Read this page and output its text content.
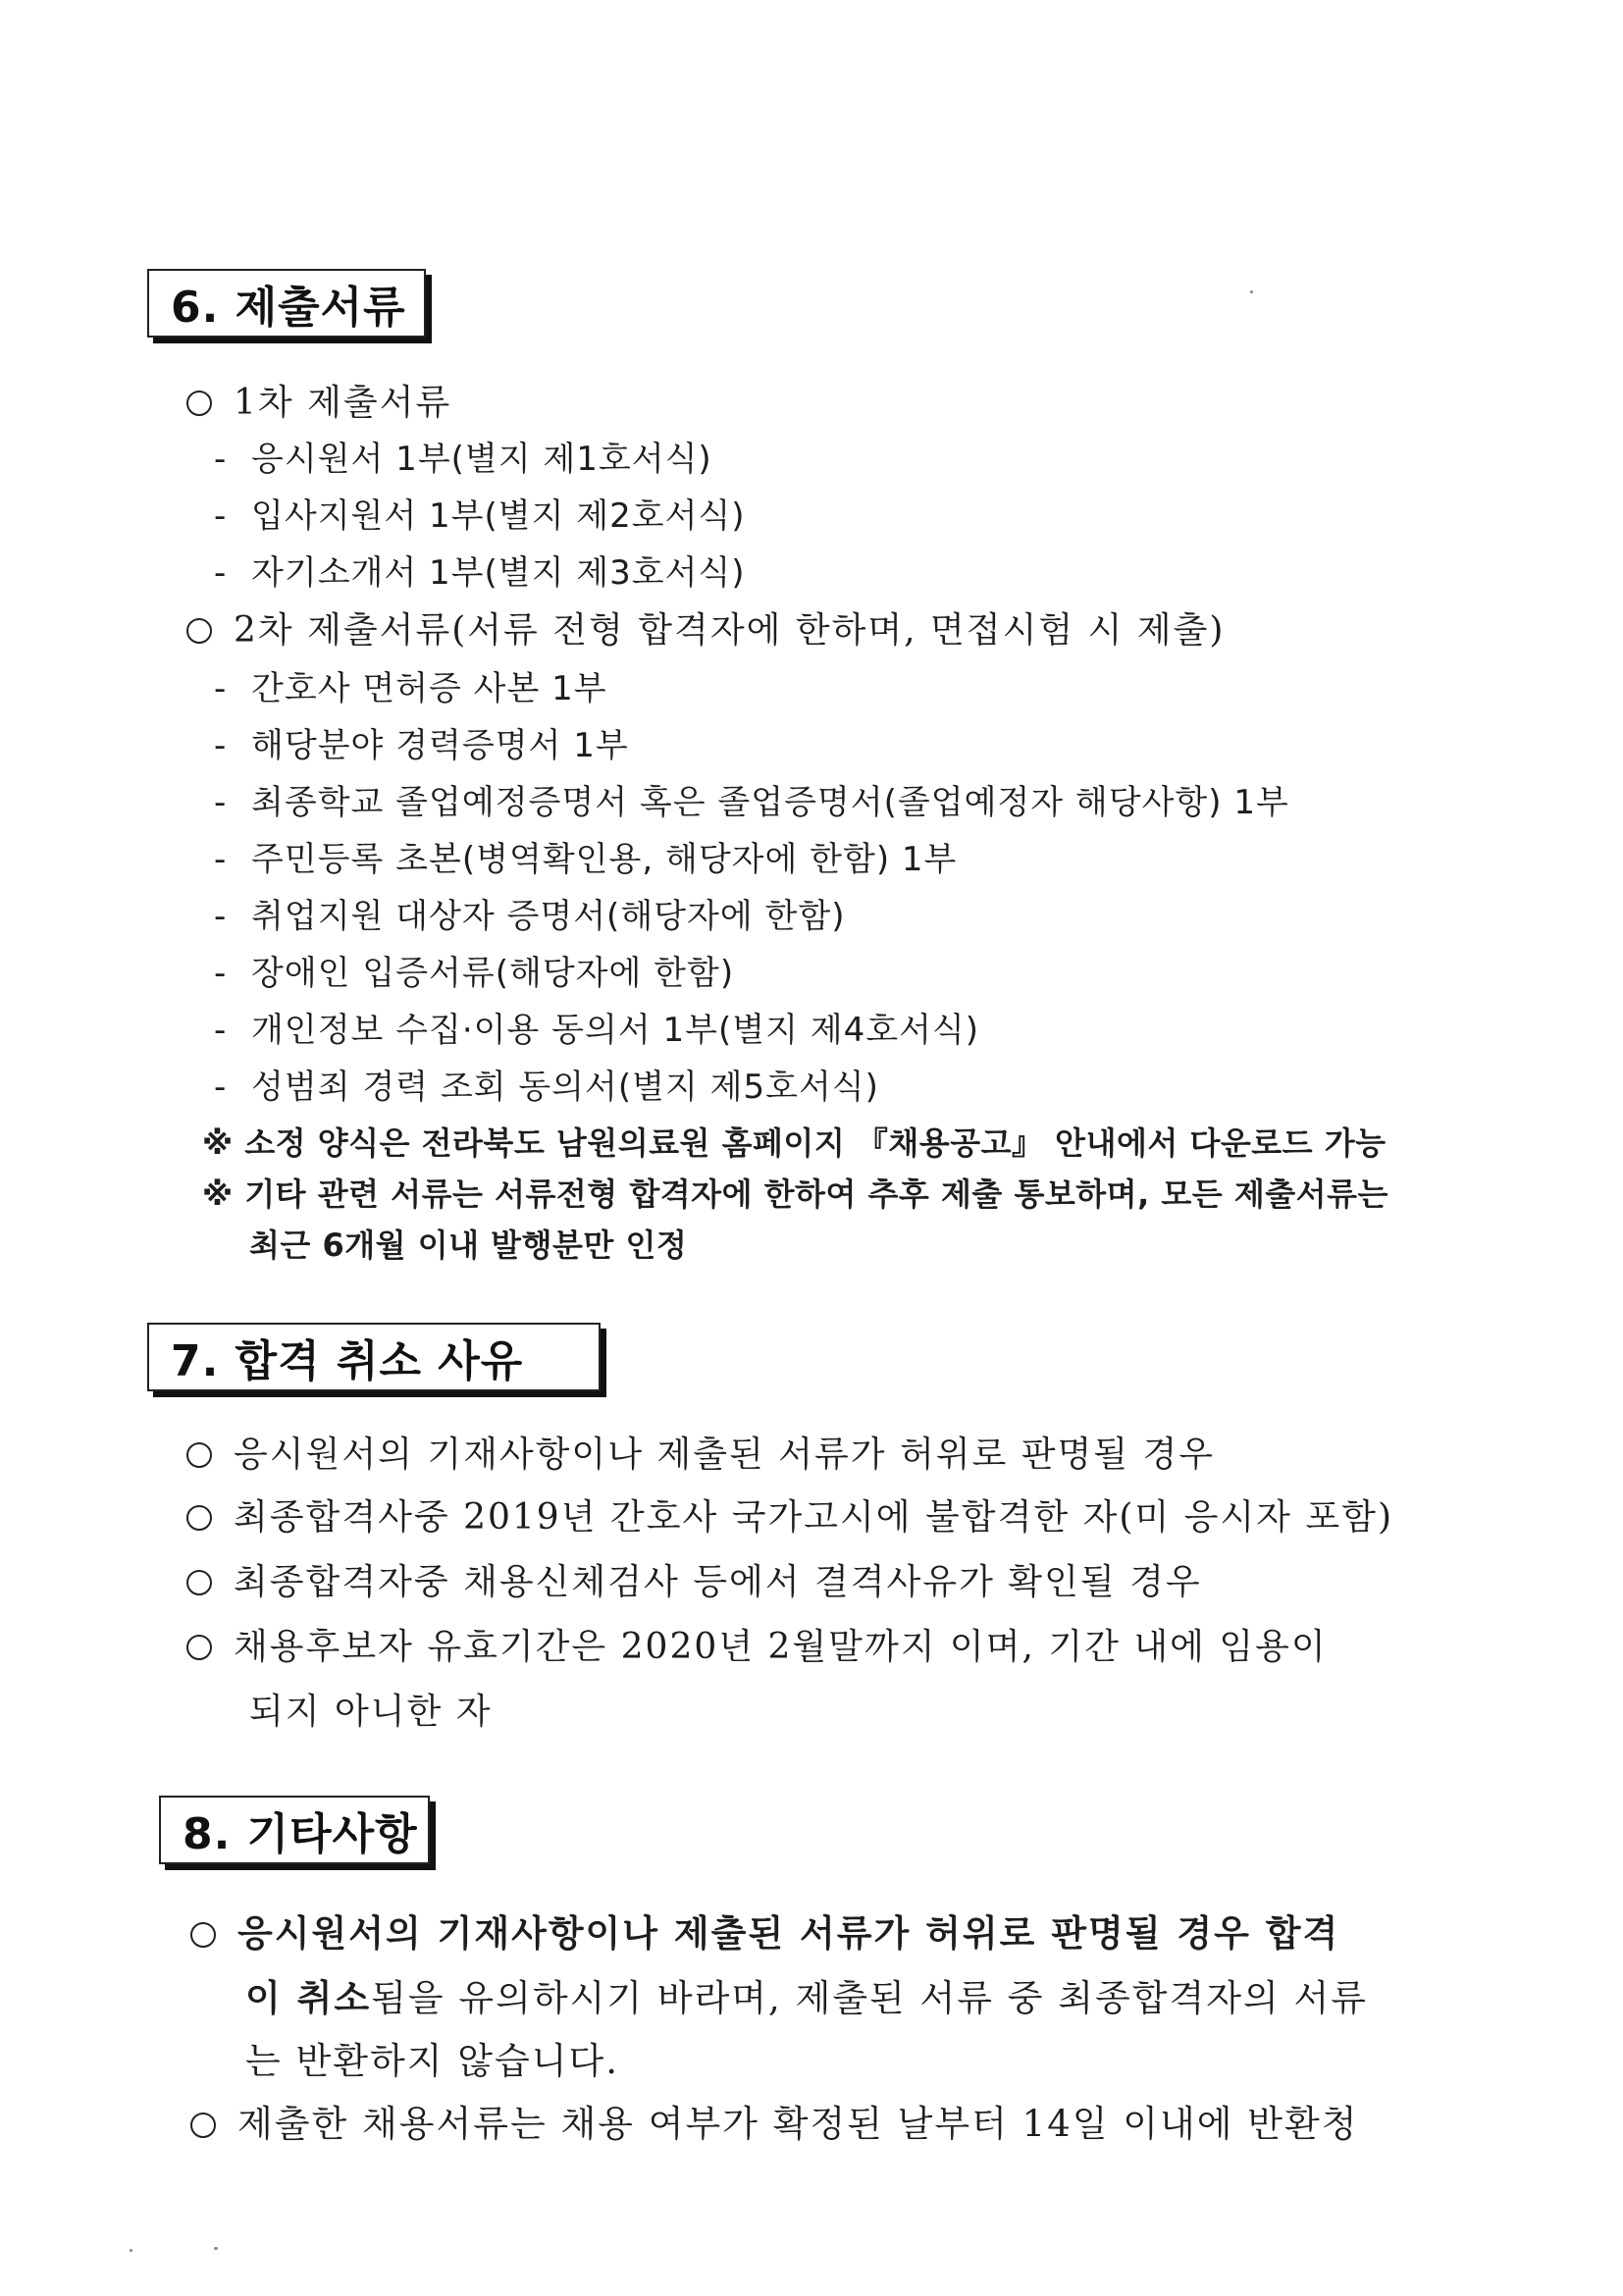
6. 제출서류
1차 제출서류
- 응시원서 1부(별지 제1호서식)
- 입사지원서 1부(별지 제2호서식)
- 자기소개서 1부(별지 제3호서식)
2차 제출서류(서류 전형 합격자에 한하며, 면접시험 시 제출)
- 간호사 면허증 사본 1부
- 해당분야 경력증명서 1부
- 최종학교 졸업예정증명서 혹은 졸업증명서(졸업예정자 해당사항) 1부
- 주민등록 초본(병역확인용, 해당자에 한함) 1부
- 취업지원 대상자 증명서(해당자에 한함)
- 장애인 입증서류(해당자에 한함)
- 개인정보 수집·이용 동의서 1부(별지 제4호서식)
- 성범죄 경력 조회 동의서(별지 제5호서식)
※ 소정 양식은 전라북도 남원의료원 홈페이지 『채용공고』 안내에서 다운로드 가능
※ 기타 관련 서류는 서류전형 합격자에 한하여 추후 제출 통보하며, 모든 제출서류는
최근 6개월 이내 발행분만 인정
7. 합격 취소 사유
응시원서의 기재사항이나 제출된 서류가 허위로 판명될 경우
최종합격사중 2019년 간호사 국가고시에 불합격한 자(미 응시자 포함)
최종합격자중 채용신체검사 등에서 결격사유가 확인될 경우
채용후보자 유효기간은 2020년 2월말까지 이며, 기간 내에 임용이
되지 아니한 자
8. 기타사항
응시원서의 기재사항이나 제출된 서류가 허위로 판명될 경우 합격
이 취소됨을 유의하시기 바라며, 제출된 서류 중 최종합격자의 서류
는 반환하지 않습니다.
제출한 채용서류는 채용 여부가 확정된 날부터 14일 이내에 반환청
